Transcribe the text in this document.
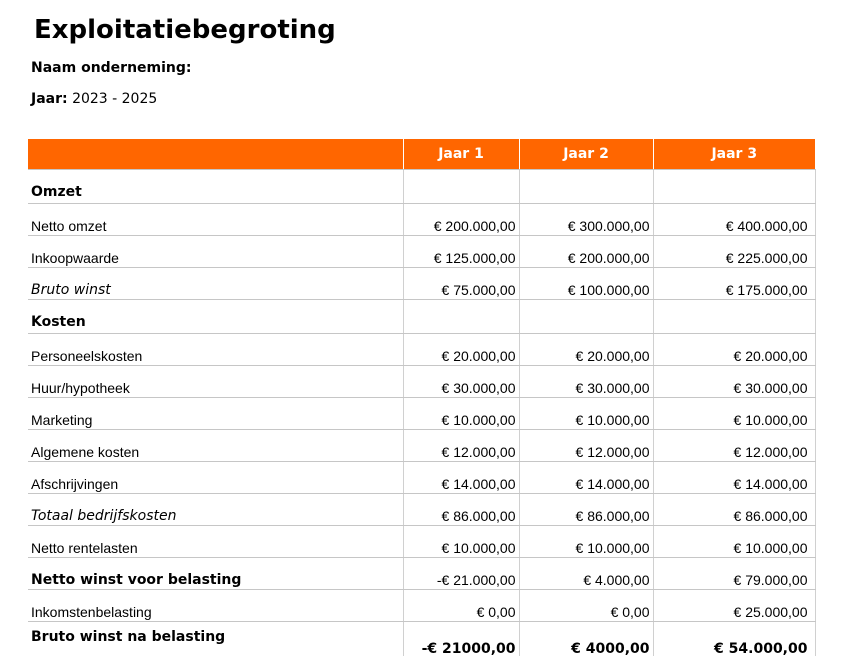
Exploitatiebegroting
Naam onderneming:
Jaar: 2023 - 2025
	Jaar 1	Jaar 2	Jaar 3
Omzet			
Netto omzet	€ 200.000,00	€ 300.000,00	€ 400.000,00
Inkoopwaarde	€ 125.000,00	€ 200.000,00	€ 225.000,00
Bruto winst	€ 75.000,00	€ 100.000,00	€ 175.000,00
Kosten			
Personeelskosten	€ 20.000,00	€ 20.000,00	€ 20.000,00
Huur/hypotheek	€ 30.000,00	€ 30.000,00	€ 30.000,00
Marketing	€ 10.000,00	€ 10.000,00	€ 10.000,00
Algemene kosten	€ 12.000,00	€ 12.000,00	€ 12.000,00
Afschrijvingen	€ 14.000,00	€ 14.000,00	€ 14.000,00
Totaal bedrijfskosten	€ 86.000,00	€ 86.000,00	€ 86.000,00
Netto rentelasten	€ 10.000,00	€ 10.000,00	€ 10.000,00
Netto winst voor belasting	-€ 21.000,00	€ 4.000,00	€ 79.000,00
Inkomstenbelasting	€ 0,00	€ 0,00	€ 25.000,00
Bruto winst na belasting	-€ 21000,00	€ 4000,00	€ 54.000,00
